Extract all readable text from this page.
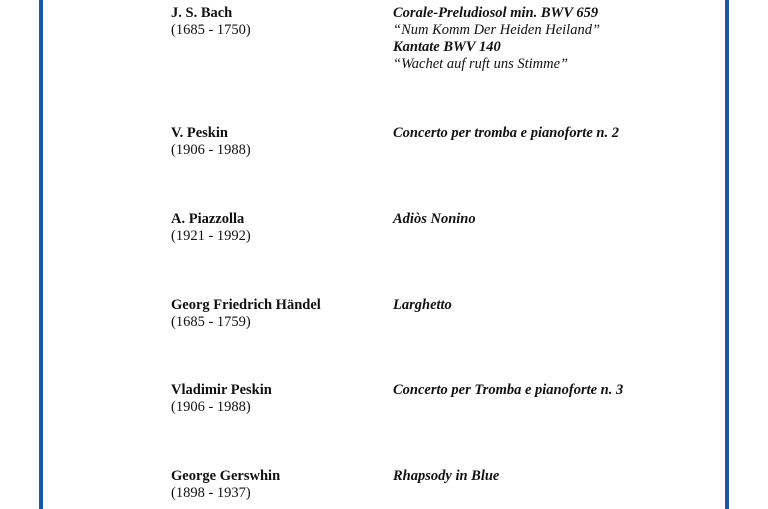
J. S. Bach
(1685 - 1750)
Corale-Preludiosol min. BWV 659
“Num Komm Der Heiden Heiland”
Kantate BWV 140
“Wachet auf ruft uns Stimme”
V. Peskin
(1906 - 1988)
Concerto per tromba e pianoforte n. 2
A. Piazzolla
(1921 - 1992)
Adiòs Nonino
Georg Friedrich Händel
(1685 - 1759)
Larghetto
Vladimir Peskin
(1906 - 1988)
Concerto per Tromba e pianoforte n. 3
George Gerswhin
(1898 - 1937)
Rhapsody in Blue
